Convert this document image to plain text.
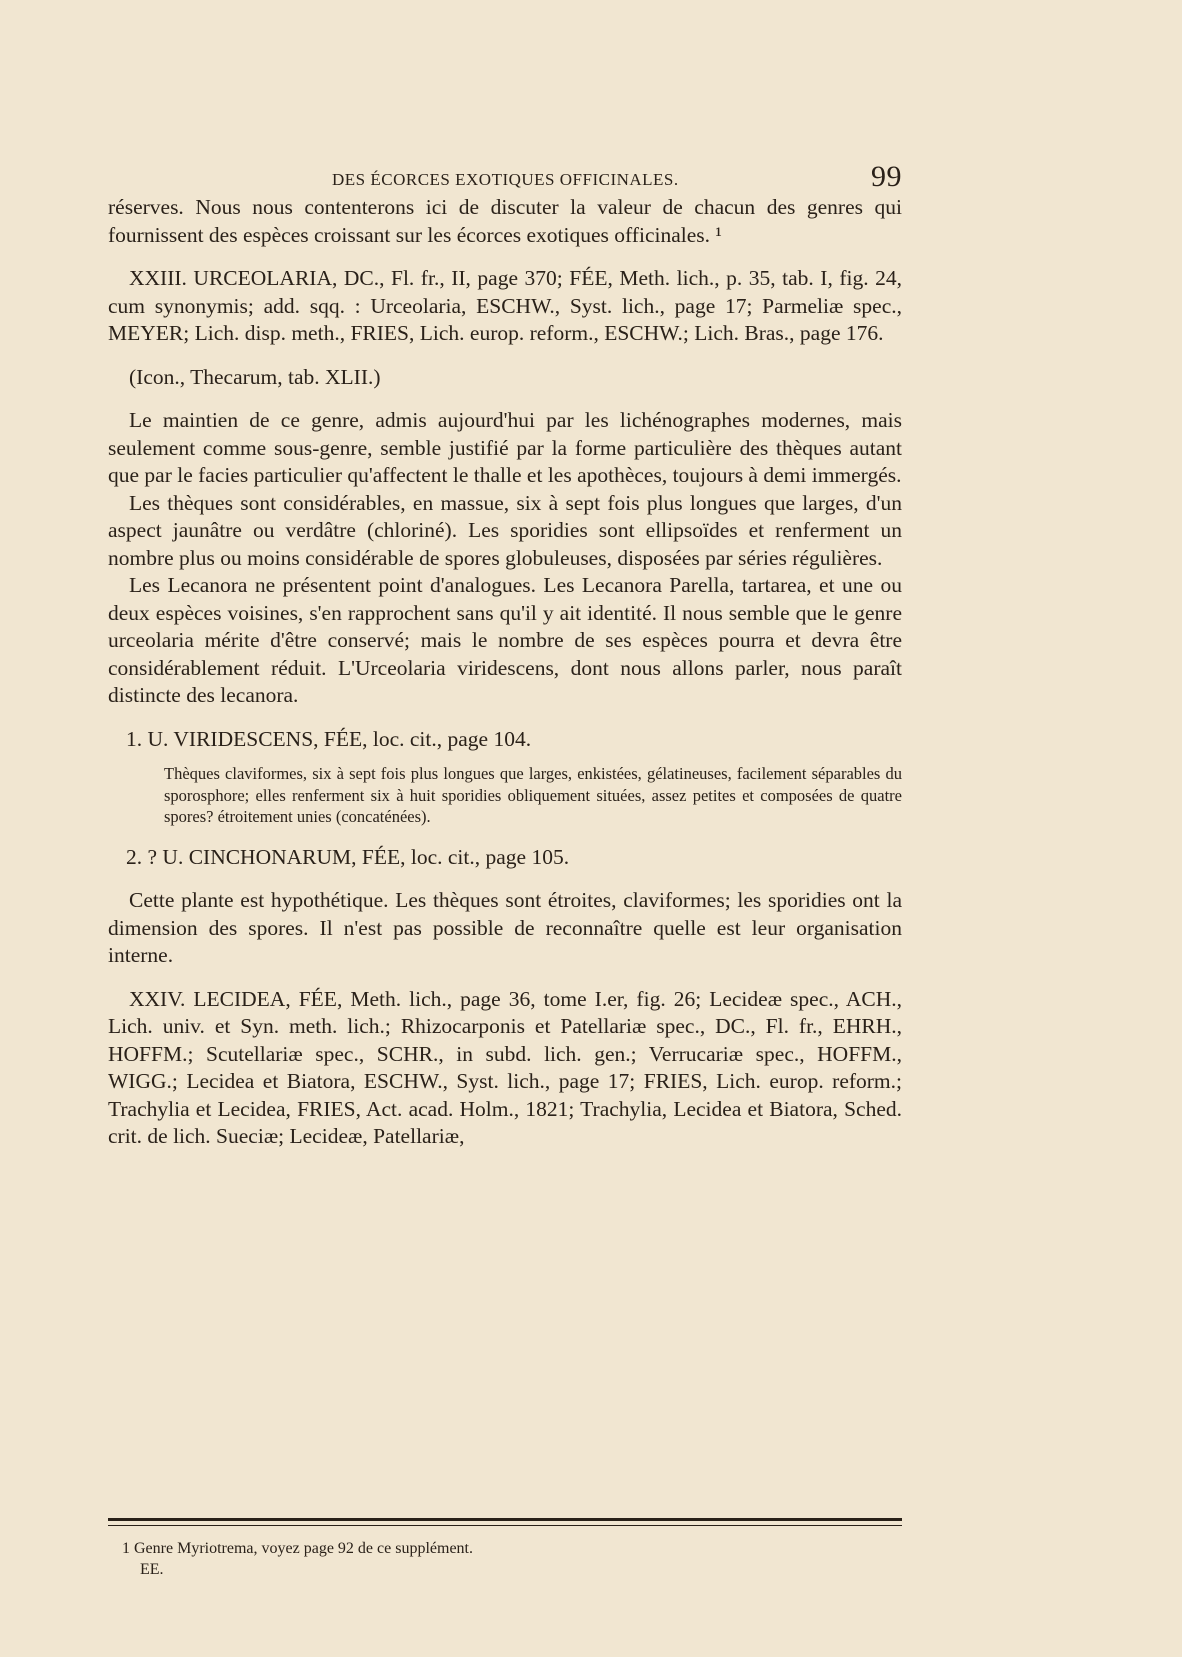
DES ÉCORCES EXOTIQUES OFFICINALES.	99

réserves. Nous nous contenterons ici de discuter la valeur de chacun des genres qui fournissent des espèces croissant sur les écorces exotiques officinales. ¹

XXIII. URCEOLARIA, DC., Fl. fr., II, page 370; FÉE, Meth. lich., p. 35, tab. I, fig. 24, cum synonymis; add. sqq. : Urceolaria, ESCHW., Syst. lich., page 17; Parmeliæ spec., MEYER; Lich. disp. meth., FRIES, Lich. europ. reform., ESCHW.; Lich. Bras., page 176.

(Icon., Thecarum, tab. XLII.)

Le maintien de ce genre, admis aujourd'hui par les lichénographes modernes, mais seulement comme sous-genre, semble justifié par la forme particulière des thèques autant que par le facies particulier qu'affectent le thalle et les apothèces, toujours à demi immergés.

Les thèques sont considérables, en massue, six à sept fois plus longues que larges, d'un aspect jaunâtre ou verdâtre (chloriné). Les sporidies sont ellipsoïdes et renferment un nombre plus ou moins considérable de spores globuleuses, disposées par séries régulières.

Les Lecanora ne présentent point d'analogues. Les Lecanora Parella, tartarea, et une ou deux espèces voisines, s'en rapprochent sans qu'il y ait identité. Il nous semble que le genre urceolaria mérite d'être conservé; mais le nombre de ses espèces pourra et devra être considérablement réduit. L'Urceolaria viridescens, dont nous allons parler, nous paraît distincte des lecanora.

1. U. VIRIDESCENS, FÉE, loc. cit., page 104.

Thèques claviformes, six à sept fois plus longues que larges, enkistées, gélatineuses, facilement séparables du sporosphore; elles renferment six à huit sporidies obliquement situées, assez petites et composées de quatre spores? étroitement unies (concaténées).

2. ? U. CINCHONARUM, FÉE, loc. cit., page 105.

Cette plante est hypothétique. Les thèques sont étroites, claviformes; les sporidies ont la dimension des spores. Il n'est pas possible de reconnaître quelle est leur organisation interne.

XXIV. LECIDEA, FÉE, Meth. lich., page 36, tome I.er, fig. 26; Lecideæ spec., ACH., Lich. univ. et Syn. meth. lich.; Rhizocarponis et Patellariæ spec., DC., Fl. fr., EHRH., HOFFM.; Scutellariæ spec., SCHR., in subd. lich. gen.; Verrucariæ spec., HOFFM., WIGG.; Lecidea et Biatora, ESCHW., Syst. lich., page 17; FRIES, Lich. europ. reform.; Trachylia et Lecidea, FRIES, Act. acad. Holm., 1821; Trachylia, Lecidea et Biatora, Sched. crit. de lich. Sueciæ; Lecideæ, Patellariæ,

1 Genre Myriotrema, voyez page 92 de ce supplément.
EE.
